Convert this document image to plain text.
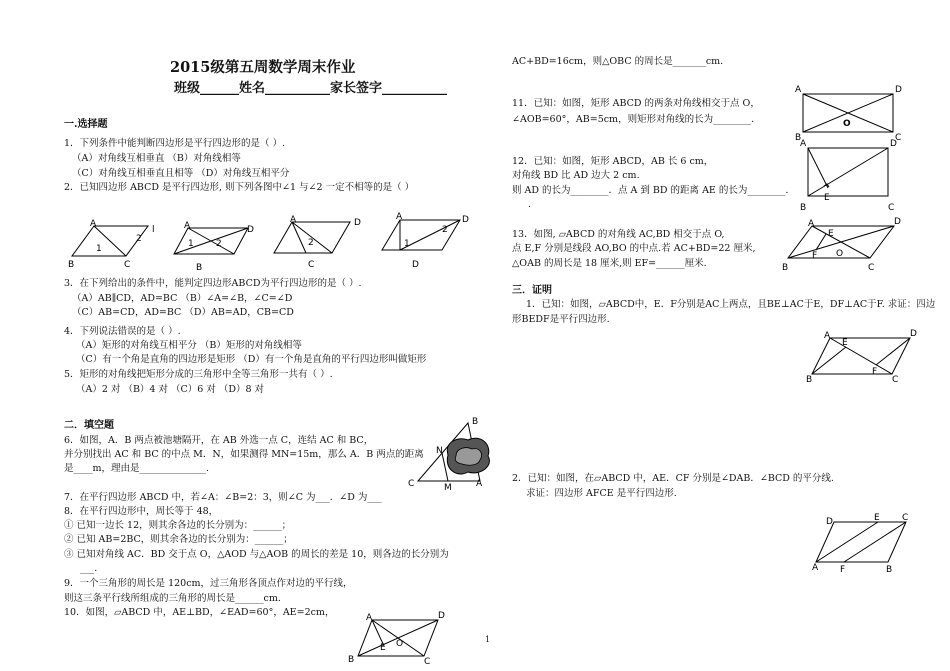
2015级第五周数学周末作业
班级______姓名__________家长签字__________
一.选择题
1．下列条件中能判断四边形是平行四边形的是（ ）.
（A）对角线互相垂直 （B）对角线相等
（C）对角线互相垂直且相等 （D）对角线互相平分
2．已知四边形 ABCD 是平行四边形, 则下列各图中∠1 与∠2 一定不相等的是（ ）
A
l
B	C
1
2
A	D
B
1 2
A	D
C
2
A	D
D
1
2
3．在下列给出的条件中，能判定四边形ABCD为平行四边形的是（ ）.
（A）AB∥CD，AD=BC （B）∠A=∠B，∠C=∠D
（C）AB=CD，AD=BC （D）AB=AD，CB=CD
4．下列说法错误的是（ ）.
（A）矩形的对角线互相平分 （B）矩形的对角线相等
（C）有一个角是直角的四边形是矩形 （D）有一个角是直角的平行四边形叫做矩形
5．矩形的对角线把矩形分成的三角形中全等三角形一共有（ ）.
（A）2 对 （B）4 对 （C）6 对 （D）8 对
二．填空题
6．如图，A．B 两点被池塘隔开，在 AB 外选一点 C，连结 AC 和 BC，
并分别找出 AC 和 BC 的中点 M．N，如果测得 MN=15m，那么 A．B 两点的距离
是____m，理由是______________.
B
N
C	M	A
7．在平行四边形 ABCD 中，若∠A：∠B=2：3，则∠C 为___．∠D 为___
8．在平行四边形中，周长等于 48，
① 已知一边长 12，则其余各边的长分别为：______；
② 已知 AB=2BC，则其余各边的长分别为：______；
③ 已知对角线 AC．BD 交于点 O，△AOD 与△AOB 的周长的差是 10，则各边的长分别为
___.
9．一个三角形的周长是 120cm，过三角形各顶点作对边的平行线，
则这三条平行线所组成的三角形的周长是______cm.
10．如图，▱ABCD 中，AE⊥BD，∠EAD=60°，AE=2cm，	A	D
B	C
E O
AC+BD=16cm，则△OBC 的周长是_______cm.
11．已知：如图，矩形 ABCD 的两条对角线相交于点 O，
∠AOB=60°，AB=5cm，则矩形对角线的长为________.
A	D
B	C
O
12．已知：如图，矩形 ABCD，AB 长 6 cm，
对角线 BD 比 AD 边大 2 cm.
则 AD 的长为________．点 A 到 BD 的距离 AE 的长为________.
.
A	D
B
E
C
13．如图, ▱ABCD 的对角线 AC,BD 相交于点 O,
点 E,F 分别是线段 AO,BO 的中点.若 AC+BD=22 厘米,
△OAB 的周长是 18 厘米,则 EF=______厘米.
A	D
B	C
E
F O
三．证明
1．已知：如图，▱ABCD中，E．F分别是AC上两点，且BE⊥AC于E，DF⊥AC于F. 求证：四边
形BEDF是平行四边形.
A	D
B	C
E
F
2．已知：如图，在▱ABCD 中，AE．CF 分别是∠DAB．∠BCD 的平分线.
求证：四边形 AFCE 是平行四边形.
D	E C
A F	B
1
